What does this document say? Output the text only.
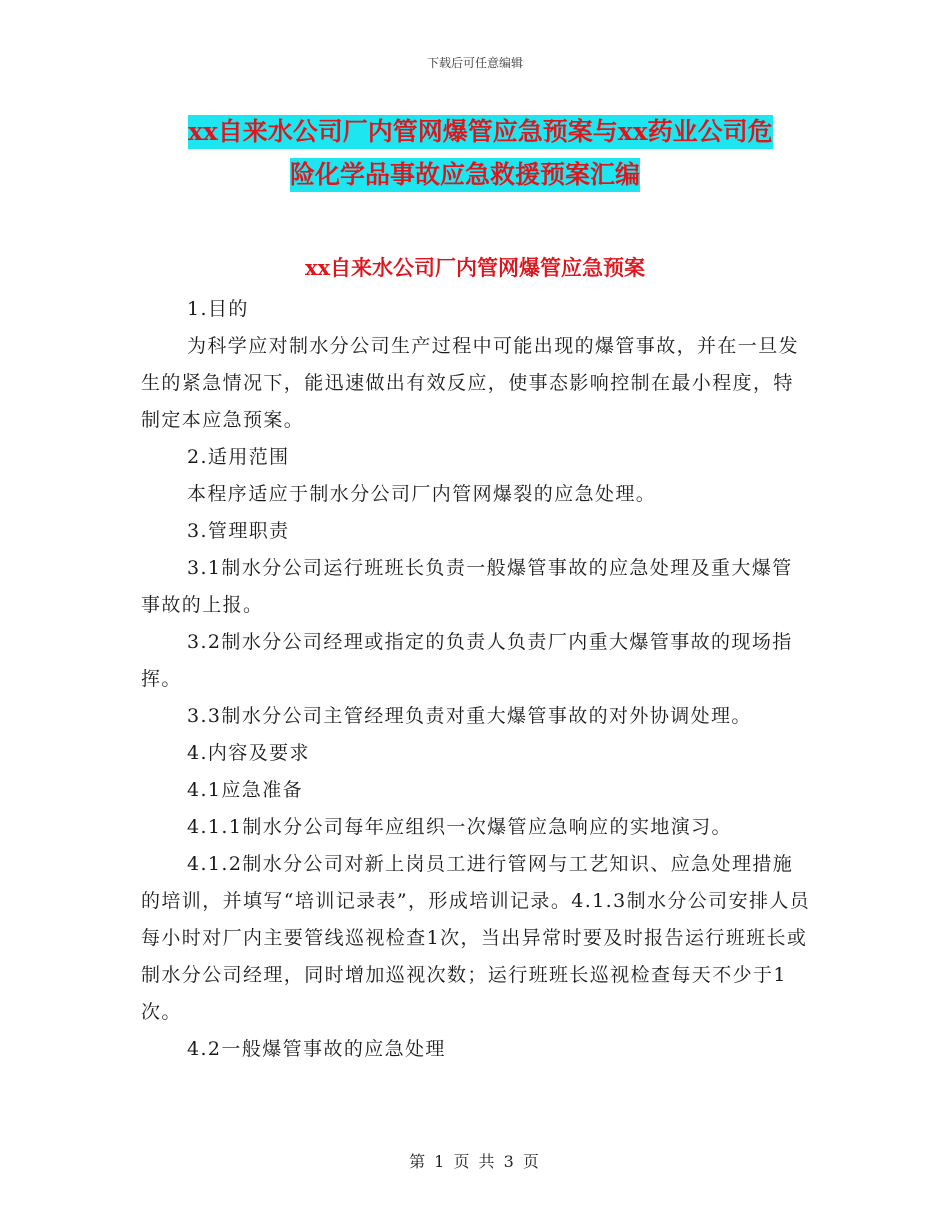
下载后可任意编辑
xx自来水公司厂内管网爆管应急预案与xx药业公司危
险化学品事故应急救援预案汇编
xx自来水公司厂内管网爆管应急预案

1.目的

为科学应对制水分公司生产过程中可能出现的爆管事故，并在一旦发生的紧急情况下，能迅速做出有效反应，使事态影响控制在最小程度，特制定本应急预案。

2.适用范围

本程序适应于制水分公司厂内管网爆裂的应急处理。

3.管理职责

3.1制水分公司运行班班长负责一般爆管事故的应急处理及重大爆管事故的上报。

3.2制水分公司经理或指定的负责人负责厂内重大爆管事故的现场指挥。

3.3制水分公司主管经理负责对重大爆管事故的对外协调处理。

4.内容及要求

4.1应急准备

4.1.1制水分公司每年应组织一次爆管应急响应的实地演习。

4.1.2制水分公司对新上岗员工进行管网与工艺知识、应急处理措施的培训，并填写“培训记录表”，形成培训记录。4.1.3制水分公司安排人员每小时对厂内主要管线巡视检查1次，当出异常时要及时报告运行班班长或制水分公司经理，同时增加巡视次数；运行班班长巡视检查每天不少于1次。

4.2一般爆管事故的应急处理

第 1 页 共 3 页
